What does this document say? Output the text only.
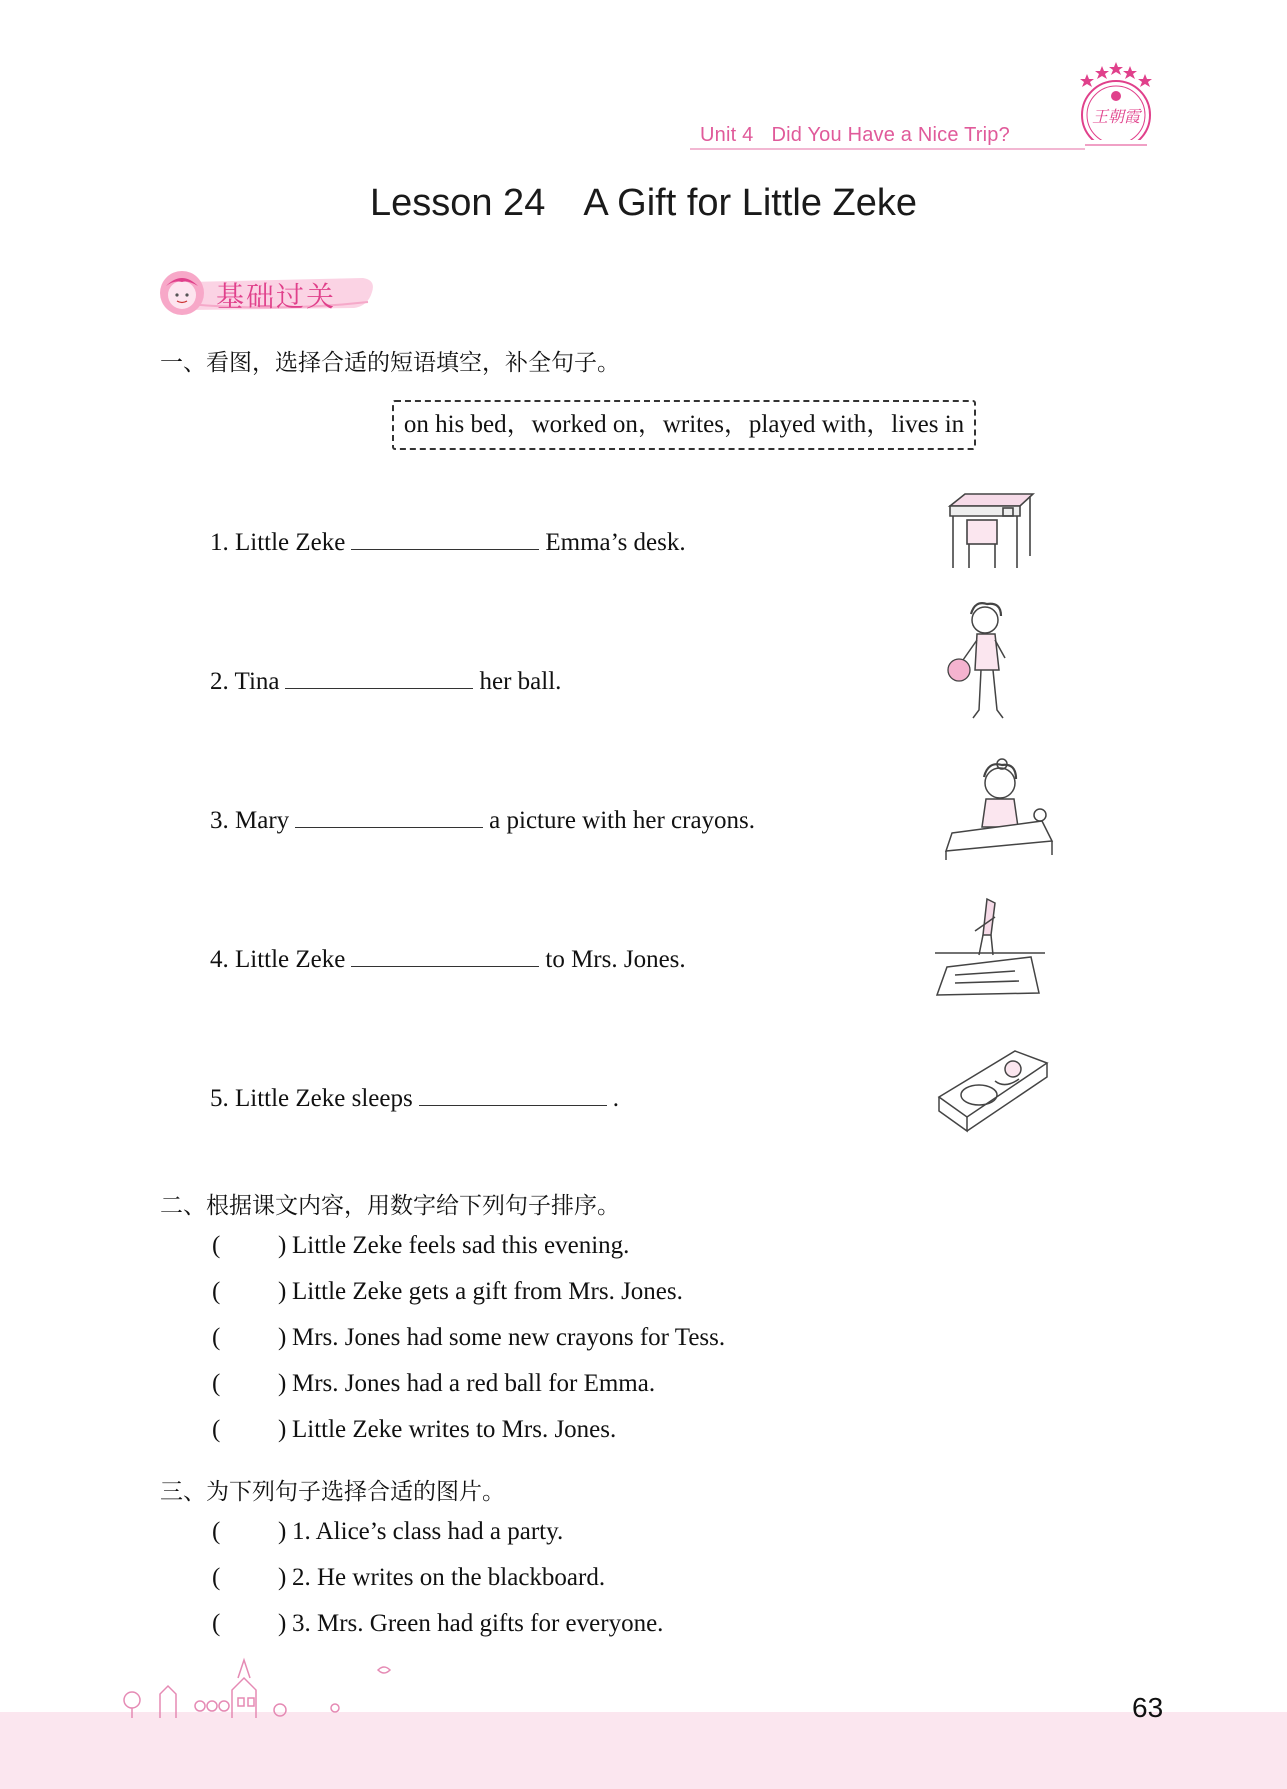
Unit 4 Did You Have a Nice Trip?
王朝霞
Lesson 24 A Gift for Little Zeke
基础过关
一、看图，选择合适的短语填空，补全句子。
on his bed，worked on，writes，played with，lives in
1. Little Zeke	Emma’s desk.
2. Tina	her ball.
3. Mary	a picture with her crayons.
4. Little Zeke	to Mrs. Jones.
5. Little Zeke sleeps	.
二、根据课文内容，用数字给下列句子排序。
( ) Little Zeke feels sad this evening.
( ) Little Zeke gets a gift from Mrs. Jones.
( ) Mrs. Jones had some new crayons for Tess.
( ) Mrs. Jones had a red ball for Emma.
( ) Little Zeke writes to Mrs. Jones.
三、为下列句子选择合适的图片。
( ) 1. Alice’s class had a party.
( ) 2. He writes on the blackboard.
( ) 3. Mrs. Green had gifts for everyone.
63
